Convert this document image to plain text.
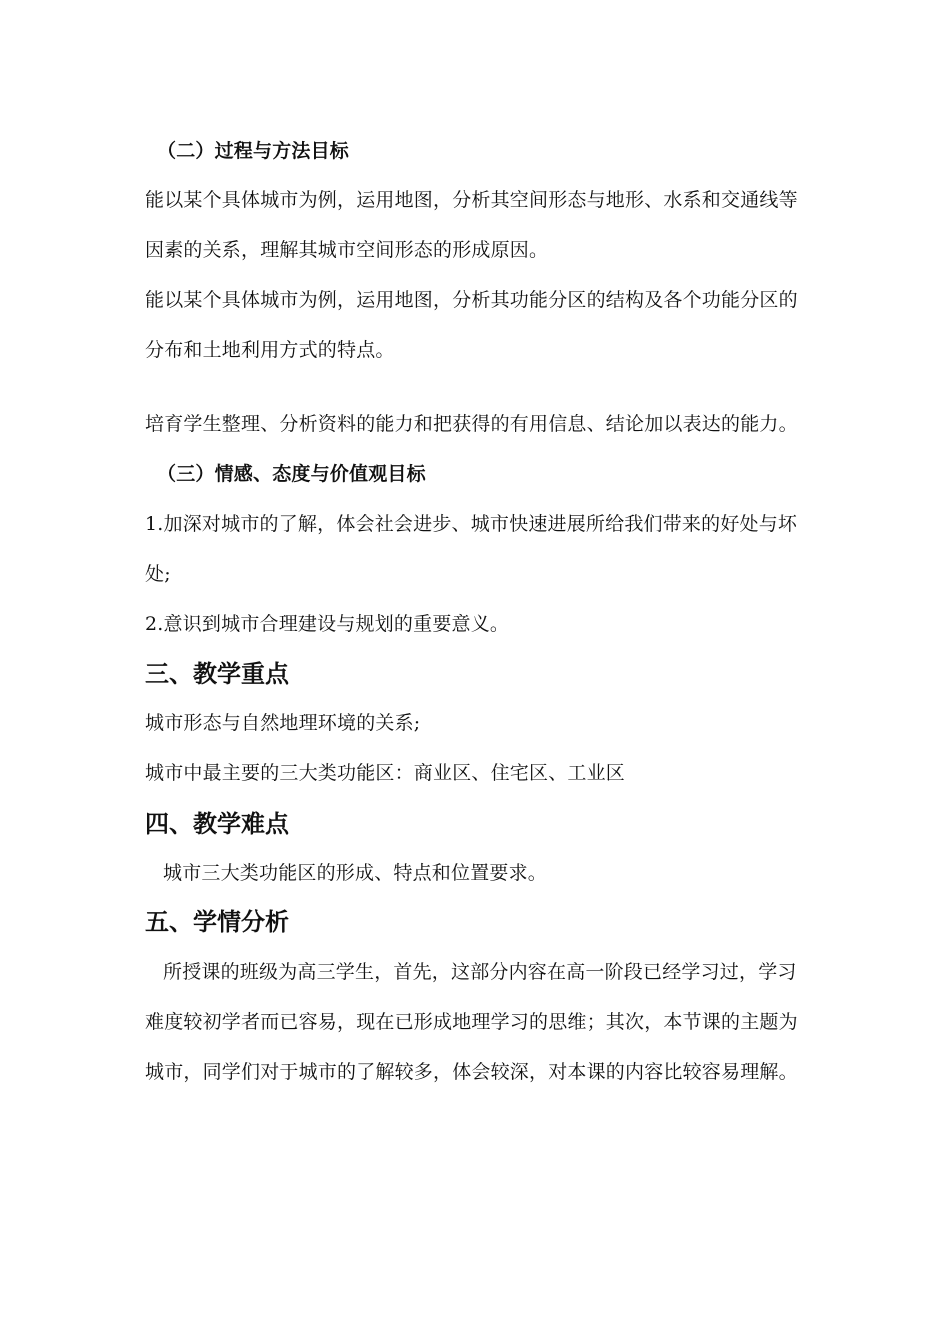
（二）过程与方法目标
能以某个具体城市为例，运用地图，分析其空间形态与地形、水系和交通线等
因素的关系，理解其城市空间形态的形成原因。
能以某个具体城市为例，运用地图，分析其功能分区的结构及各个功能分区的
分布和土地利用方式的特点。
培育学生整理、分析资料的能力和把获得的有用信息、结论加以表达的能力。
（三）情感、态度与价值观目标
1.加深对城市的了解，体会社会进步、城市快速进展所给我们带来的好处与坏
处;
2.意识到城市合理建设与规划的重要意义。
三、教学重点
城市形态与自然地理环境的关系;
城市中最主要的三大类功能区：商业区、住宅区、工业区
四、教学难点
城市三大类功能区的形成、特点和位置要求。
五、学情分析
所授课的班级为高三学生，首先，这部分内容在高一阶段已经学习过，学习
难度较初学者而已容易，现在已形成地理学习的思维；其次，本节课的主题为
城市，同学们对于城市的了解较多，体会较深，对本课的内容比较容易理解。
